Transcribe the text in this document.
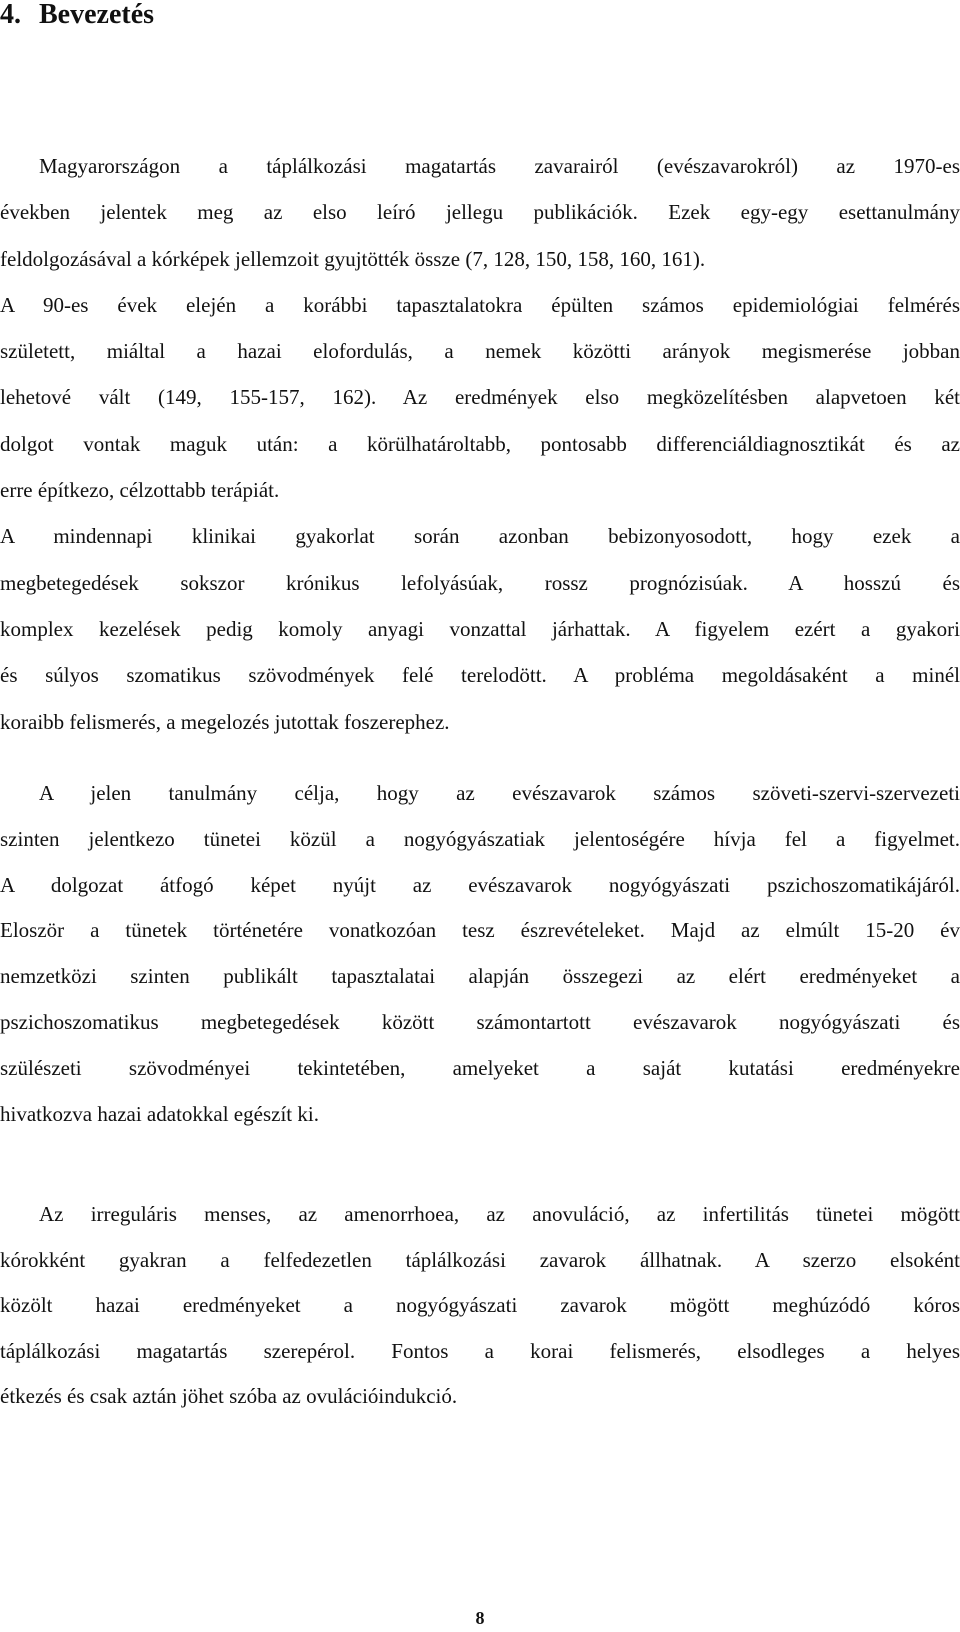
4. Bevezetés
Magyarországon a táplálkozási magatartás zavarairól (evészavarokról) az 1970-es
években jelentek meg az elso leíró jellegu publikációk. Ezek egy-egy esettanulmány
feldolgozásával a kórképek jellemzoit gyujtötték össze (7, 128, 150, 158, 160, 161).
A 90-es évek elején a korábbi tapasztalatokra épülten számos epidemiológiai felmérés
született, miáltal a hazai elofordulás, a nemek közötti arányok megismerése jobban
lehetové vált (149, 155-157, 162). Az eredmények elso megközelítésben alapvetoen két
dolgot vontak maguk után: a körülhatároltabb, pontosabb differenciáldiagnosztikát és az
erre építkezo, célzottabb terápiát.
A mindennapi klinikai gyakorlat során azonban bebizonyosodott, hogy ezek a
megbetegedések sokszor krónikus lefolyásúak, rossz prognózisúak. A hosszú és
komplex kezelések pedig komoly anyagi vonzattal járhattak. A figyelem ezért a gyakori
és súlyos szomatikus szövodmények felé terelodött. A probléma megoldásaként a minél
koraibb felismerés, a megelozés jutottak foszerephez.
A jelen tanulmány célja, hogy az evészavarok számos szöveti-szervi-szervezeti
szinten jelentkezo tünetei közül a nogyógyászatiak jelentoségére hívja fel a figyelmet.
A dolgozat átfogó képet nyújt az evészavarok nogyógyászati pszichoszomatikájáról.
Eloször a tünetek történetére vonatkozóan tesz észrevételeket. Majd az elmúlt 15-20 év
nemzetközi szinten publikált tapasztalatai alapján összegezi az elért eredményeket a
pszichoszomatikus megbetegedések között számontartott evészavarok nogyógyászati és
szülészeti szövodményei tekintetében, amelyeket a saját kutatási eredményekre
hivatkozva hazai adatokkal egészít ki.
Az irreguláris menses, az amenorrhoea, az anovuláció, az infertilitás tünetei mögött
kórokként gyakran a felfedezetlen táplálkozási zavarok állhatnak. A szerzo elsoként
közölt hazai eredményeket a nogyógyászati zavarok mögött meghúzódó kóros
táplálkozási magatartás szerepérol. Fontos a korai felismerés, elsodleges a helyes
étkezés és csak aztán jöhet szóba az ovulációindukció.
8
